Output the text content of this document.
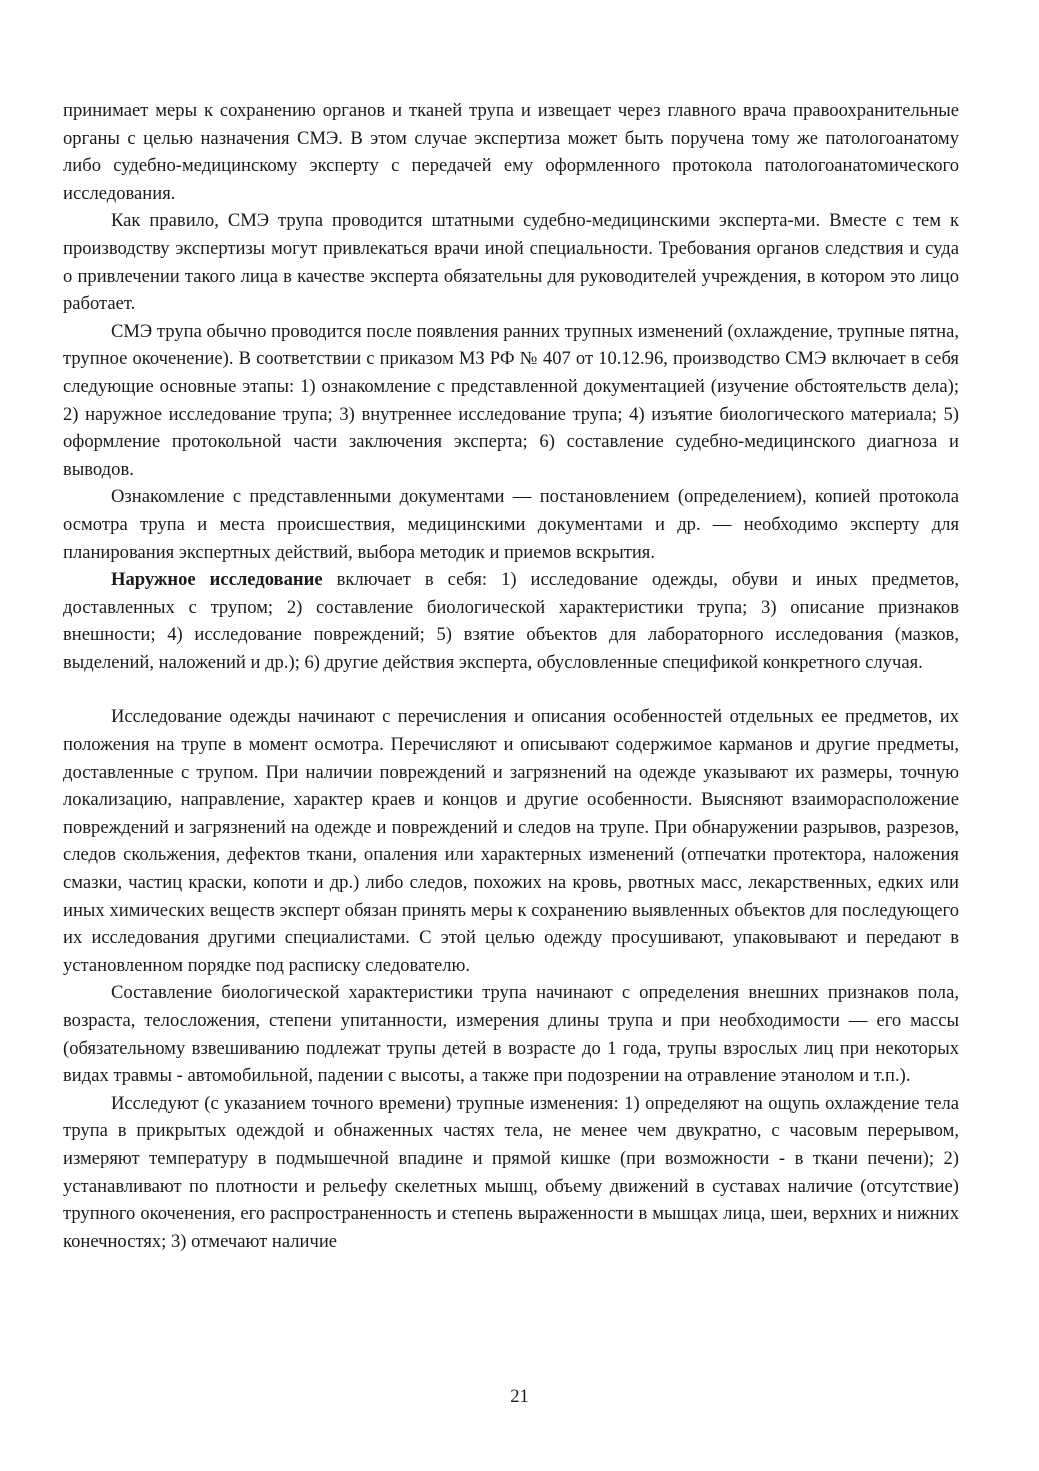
принимает меры к сохранению органов и тканей трупа и извещает через главного врача правоохранительные органы с целью назначения СМЭ. В этом случае экспертиза может быть поручена тому же патологоанатому либо судебно-медицинскому эксперту с передачей ему оформленного протокола патологоанатомического исследования.

Как правило, СМЭ трупа проводится штатными судебно-медицинскими эксперта-ми. Вместе с тем к производству экспертизы могут привлекаться врачи иной специальности. Требования органов следствия и суда о привлечении такого лица в качестве эксперта обязательны для руководителей учреждения, в котором это лицо работает.

СМЭ трупа обычно проводится после появления ранних трупных изменений (охлаждение, трупные пятна, трупное окоченение). В соответствии с приказом МЗ РФ № 407 от 10.12.96, производство СМЭ включает в себя следующие основные этапы: 1) ознакомление с представленной документацией (изучение обстоятельств дела); 2) наружное исследование трупа; 3) внутреннее исследование трупа; 4) изъятие биологического материала; 5) оформление протокольной части заключения эксперта; 6) составление судебно-медицинского диагноза и выводов.

Ознакомление с представленными документами — постановлением (определением), копией протокола осмотра трупа и места происшествия, медицинскими документами и др. — необходимо эксперту для планирования экспертных действий, выбора методик и приемов вскрытия.

Наружное исследование включает в себя: 1) исследование одежды, обуви и иных предметов, доставленных с трупом; 2) составление биологической характеристики трупа; 3) описание признаков внешности; 4) исследование повреждений; 5) взятие объектов для лабораторного исследования (мазков, выделений, наложений и др.); 6) другие действия эксперта, обусловленные спецификой конкретного случая.

Исследование одежды начинают с перечисления и описания особенностей отдельных ее предметов, их положения на трупе в момент осмотра. Перечисляют и описывают содержимое карманов и другие предметы, доставленные с трупом. При наличии повреждений и загрязнений на одежде указывают их размеры, точную локализацию, направление, характер краев и концов и другие особенности. Выясняют взаиморасположение повреждений и загрязнений на одежде и повреждений и следов на трупе. При обнаружении разрывов, разрезов, следов скольжения, дефектов ткани, опаления или характерных изменений (отпечатки протектора, наложения смазки, частиц краски, копоти и др.) либо следов, похожих на кровь, рвотных масс, лекарственных, едких или иных химических веществ эксперт обязан принять меры к сохранению выявленных объектов для последующего их исследования другими специалистами. С этой целью одежду просушивают, упаковывают и передают в установленном порядке под расписку следователю.

Составление биологической характеристики трупа начинают с определения внешних признаков пола, возраста, телосложения, степени упитанности, измерения длины трупа и при необходимости — его массы (обязательному взвешиванию подлежат трупы детей в возрасте до 1 года, трупы взрослых лиц при некоторых видах травмы - автомобильной, падении с высоты, а также при подозрении на отравление этанолом и т.п.).

Исследуют (с указанием точного времени) трупные изменения: 1) определяют на ощупь охлаждение тела трупа в прикрытых одеждой и обнаженных частях тела, не менее чем двукратно, с часовым перерывом, измеряют температуру в подмышечной впадине и прямой кишке (при возможности - в ткани печени); 2) устанавливают по плотности и рельефу скелетных мышц, объему движений в суставах наличие (отсутствие) трупного окоченения, его распространенность и степень выраженности в мышцах лица, шеи, верхних и нижних конечностях; 3) отмечают наличие

21
